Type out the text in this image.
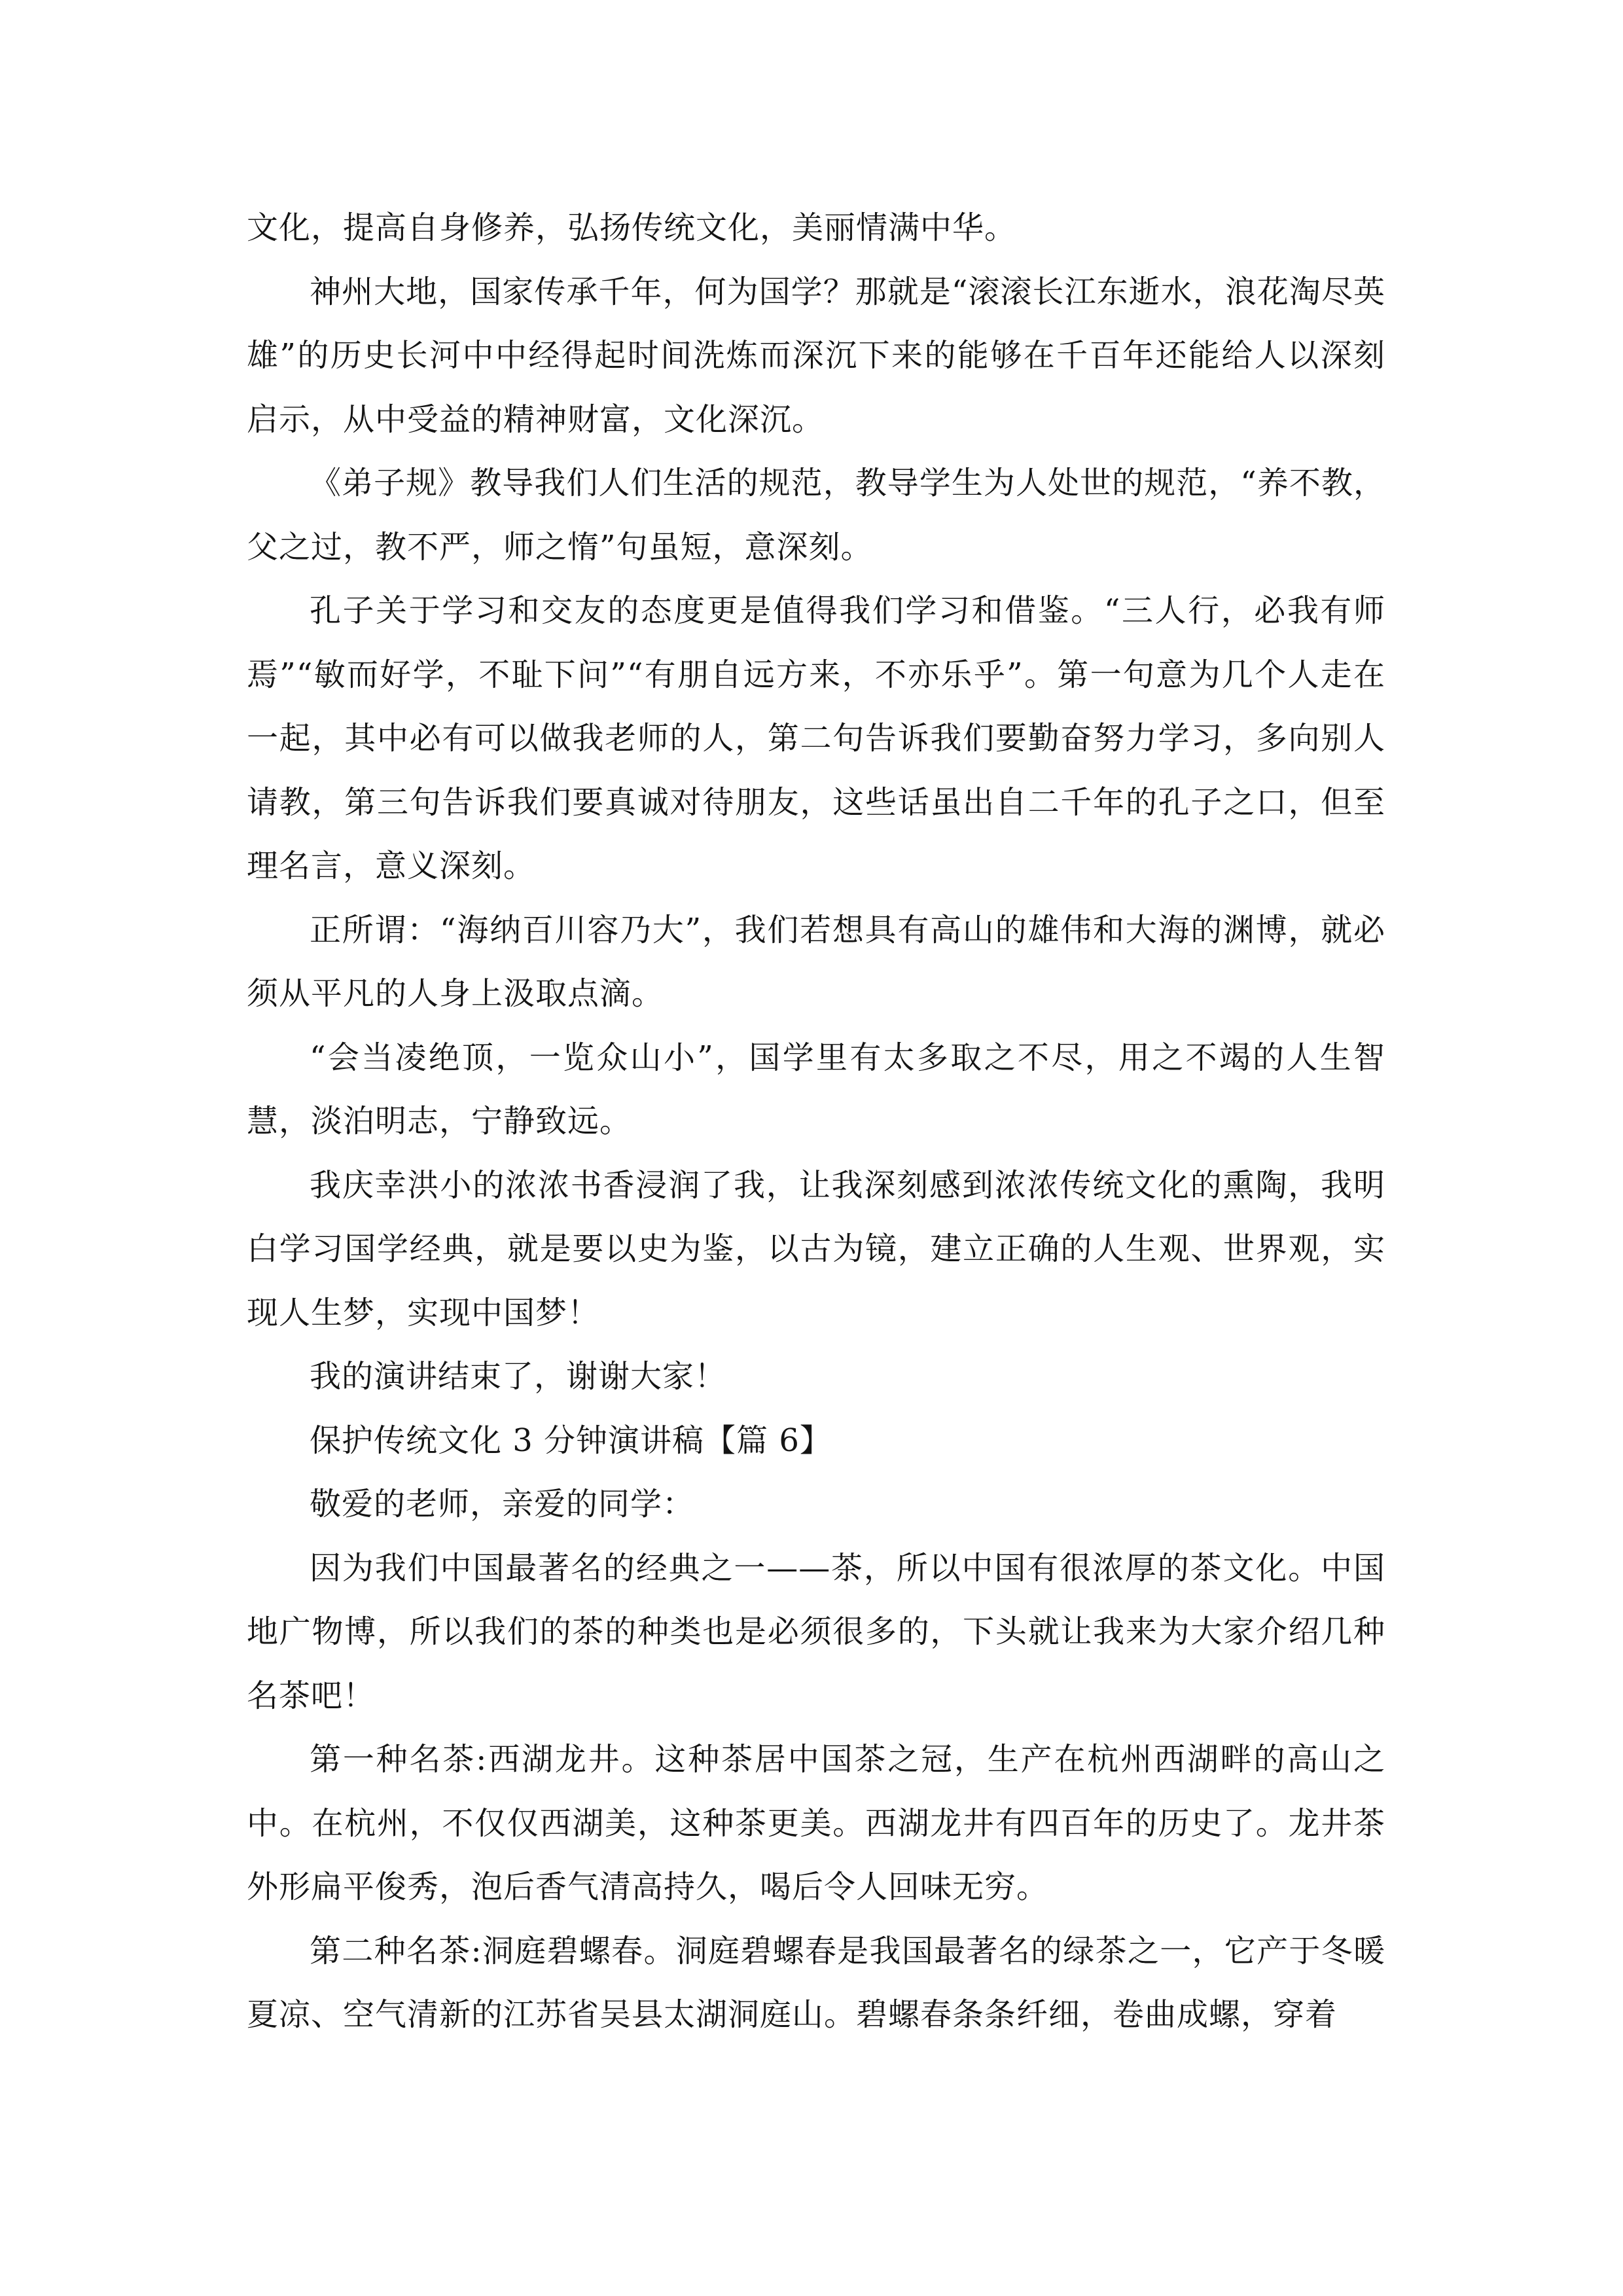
文化，提高自身修养，弘扬传统文化，美丽情满中华。

神州大地，国家传承千年，何为国学？那就是“滚滚长江东逝水，浪花淘尽英雄”的历史长河中中经得起时间洗炼而深沉下来的能够在千百年还能给人以深刻启示，从中受益的精神财富，文化深沉。

《弟子规》教导我们人们生活的规范，教导学生为人处世的规范，“养不教，父之过，教不严，师之惰”句虽短，意深刻。

孔子关于学习和交友的态度更是值得我们学习和借鉴。“三人行，必我有师焉”“敏而好学，不耻下问”“有朋自远方来，不亦乐乎”。第一句意为几个人走在一起，其中必有可以做我老师的人，第二句告诉我们要勤奋努力学习，多向别人请教，第三句告诉我们要真诚对待朋友，这些话虽出自二千年的孔子之口，但至理名言，意义深刻。

正所谓：“海纳百川容乃大”，我们若想具有高山的雄伟和大海的渊博，就必须从平凡的人身上汲取点滴。

“会当凌绝顶，一览众山小”，国学里有太多取之不尽，用之不竭的人生智慧，淡泊明志，宁静致远。

我庆幸洪小的浓浓书香浸润了我，让我深刻感到浓浓传统文化的熏陶，我明白学习国学经典，就是要以史为鉴，以古为镜，建立正确的人生观、世界观，实现人生梦，实现中国梦！

我的演讲结束了，谢谢大家！

保护传统文化 3 分钟演讲稿【篇 6】

敬爱的老师，亲爱的同学：

因为我们中国最著名的经典之一——茶，所以中国有很浓厚的茶文化。中国地广物博，所以我们的茶的种类也是必须很多的，下头就让我来为大家介绍几种名茶吧！

第一种名茶:西湖龙井。这种茶居中国茶之冠，生产在杭州西湖畔的高山之中。在杭州，不仅仅西湖美，这种茶更美。西湖龙井有四百年的历史了。龙井茶外形扁平俊秀，泡后香气清高持久，喝后令人回味无穷。

第二种名茶:洞庭碧螺春。洞庭碧螺春是我国最著名的绿茶之一，它产于冬暖夏凉、空气清新的江苏省吴县太湖洞庭山。碧螺春条条纤细，卷曲成螺，穿着
